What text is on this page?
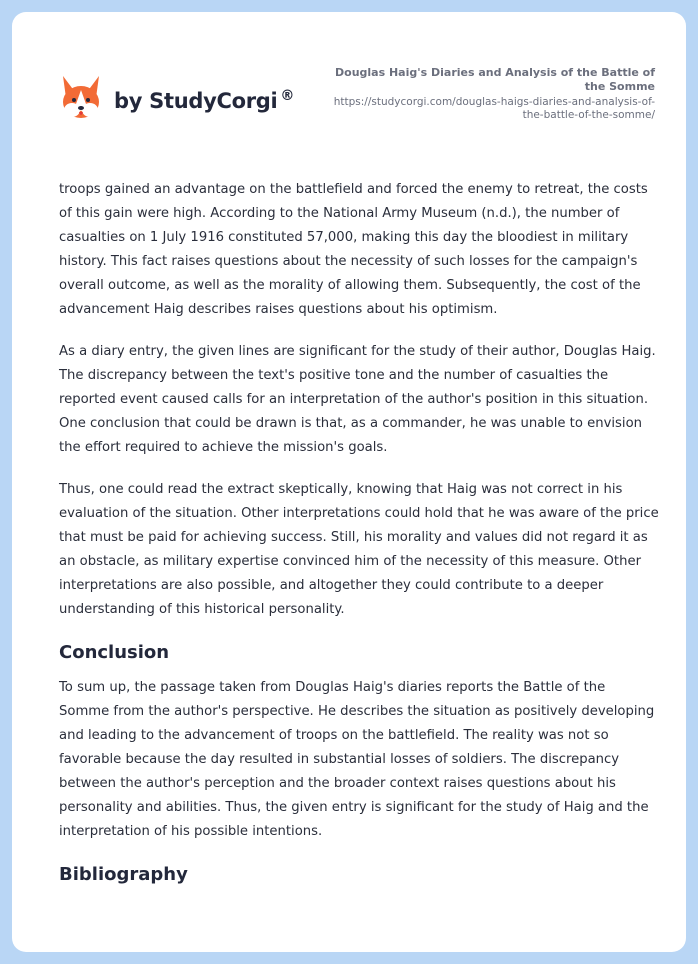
by StudyCorgi ®
Douglas Haig's Diaries and Analysis of the Battle of the Somme
https://studycorgi.com/douglas-haigs-diaries-and-analysis-of-the-battle-of-the-somme/

troops gained an advantage on the battlefield and forced the enemy to retreat, the costs of this gain were high. According to the National Army Museum (n.d.), the number of casualties on 1 July 1916 constituted 57,000, making this day the bloodiest in military history. This fact raises questions about the necessity of such losses for the campaign's overall outcome, as well as the morality of allowing them. Subsequently, the cost of the advancement Haig describes raises questions about his optimism.

As a diary entry, the given lines are significant for the study of their author, Douglas Haig. The discrepancy between the text's positive tone and the number of casualties the reported event caused calls for an interpretation of the author's position in this situation. One conclusion that could be drawn is that, as a commander, he was unable to envision the effort required to achieve the mission's goals.

Thus, one could read the extract skeptically, knowing that Haig was not correct in his evaluation of the situation. Other interpretations could hold that he was aware of the price that must be paid for achieving success. Still, his morality and values did not regard it as an obstacle, as military expertise convinced him of the necessity of this measure. Other interpretations are also possible, and altogether they could contribute to a deeper understanding of this historical personality.

Conclusion

To sum up, the passage taken from Douglas Haig's diaries reports the Battle of the Somme from the author's perspective. He describes the situation as positively developing and leading to the advancement of troops on the battlefield. The reality was not so favorable because the day resulted in substantial losses of soldiers. The discrepancy between the author's perception and the broader context raises questions about his personality and abilities. Thus, the given entry is significant for the study of Haig and the interpretation of his possible intentions.

Bibliography
